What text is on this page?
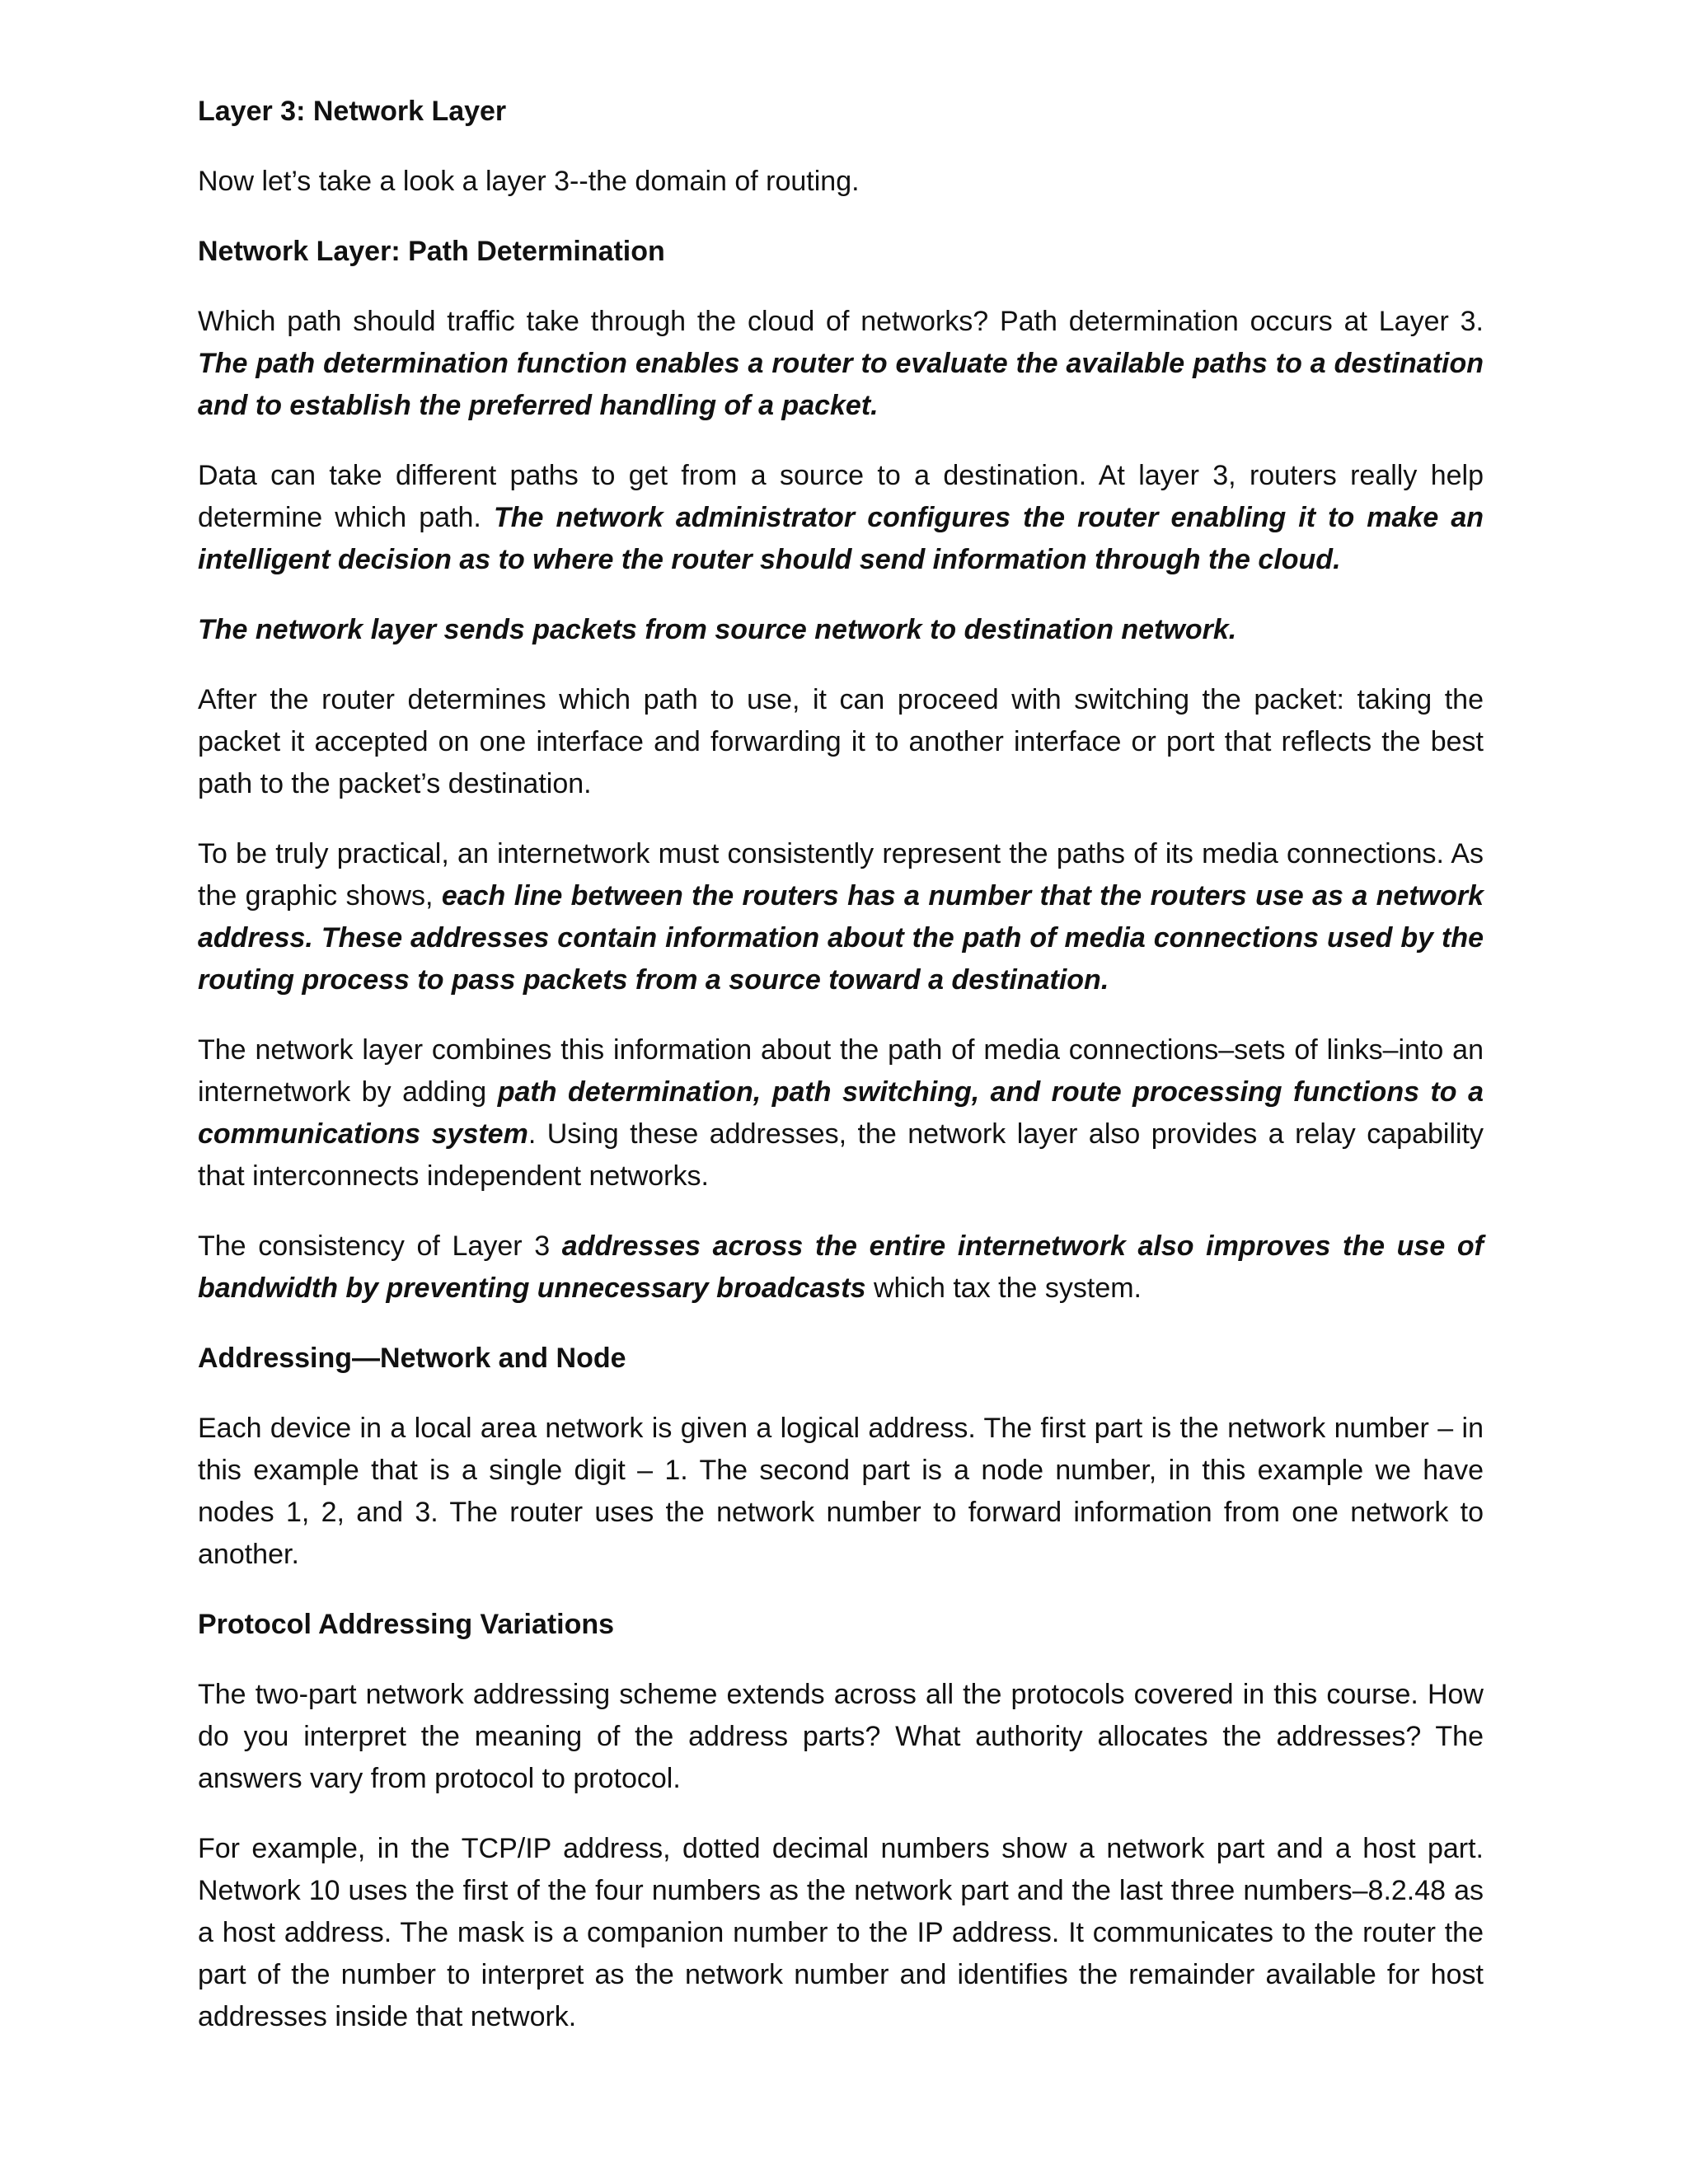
Layer 3: Network Layer

Now let’s take a look a layer 3--the domain of routing.

Network Layer: Path Determination

Which path should traffic take through the cloud of networks? Path determination occurs at Layer 3. The path determination function enables a router to evaluate the available paths to a destination and to establish the preferred handling of a packet.

Data can take different paths to get from a source to a destination. At layer 3, routers really help determine which path. The network administrator configures the router enabling it to make an intelligent decision as to where the router should send information through the cloud.

The network layer sends packets from source network to destination network.

After the router determines which path to use, it can proceed with switching the packet: taking the packet it accepted on one interface and forwarding it to another interface or port that reflects the best path to the packet’s destination.

To be truly practical, an internetwork must consistently represent the paths of its media connections. As the graphic shows, each line between the routers has a number that the routers use as a network address. These addresses contain information about the path of media connections used by the routing process to pass packets from a source toward a destination.

The network layer combines this information about the path of media connections–sets of links–into an internetwork by adding path determination, path switching, and route processing functions to a communications system. Using these addresses, the network layer also provides a relay capability that interconnects independent networks.

The consistency of Layer 3 addresses across the entire internetwork also improves the use of bandwidth by preventing unnecessary broadcasts which tax the system.

Addressing—Network and Node

Each device in a local area network is given a logical address. The first part is the network number – in this example that is a single digit – 1. The second part is a node number, in this example we have nodes 1, 2, and 3. The router uses the network number to forward information from one network to another.

Protocol Addressing Variations

The two-part network addressing scheme extends across all the protocols covered in this course. How do you interpret the meaning of the address parts? What authority allocates the addresses? The answers vary from protocol to protocol.

For example, in the TCP/IP address, dotted decimal numbers show a network part and a host part. Network 10 uses the first of the four numbers as the network part and the last three numbers–8.2.48 as a host address. The mask is a companion number to the IP address. It communicates to the router the part of the number to interpret as the network number and identifies the remainder available for host addresses inside that network.
